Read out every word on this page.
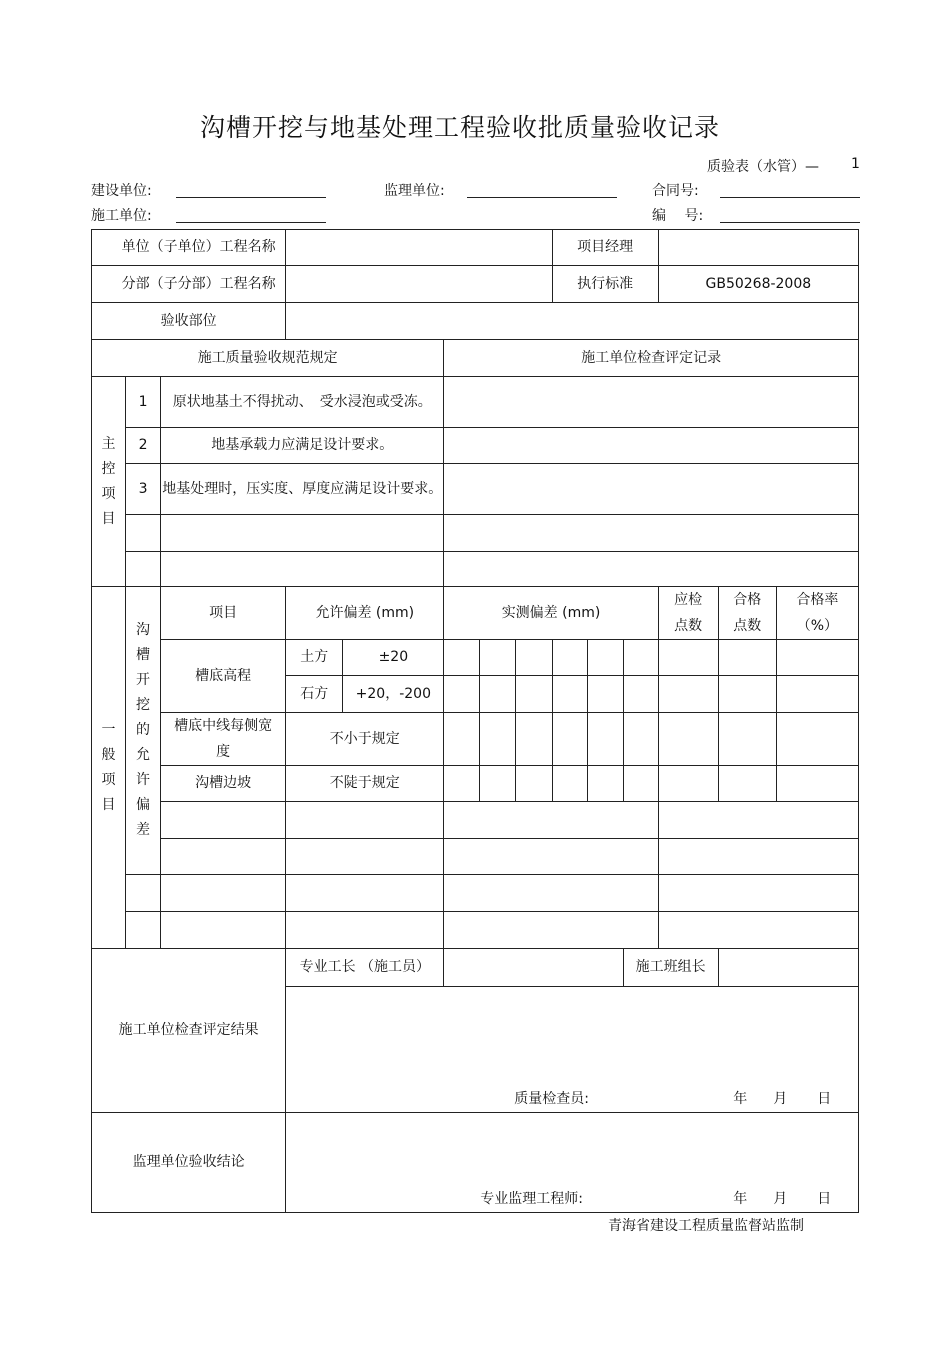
沟槽开挖与地基处理工程验收批质量验收记录
质验表（水管）— 1
建设单位:	监理单位:	合同号:
施工单位:	编　 号:
单位（子单位）工程名称								项目经理					
分部（子分部）工程名称								执行标准			GB50268-2008		
验收部位													
施工质量验收规范规定					施工单位检查评定记录								
主控项目	1	原状地基土不得扰动、　受水浸泡或受冻。											
	2	地基承载力应满足设计要求。											
	3	地基处理时，压实度、厚度应满足设计要求。											

一般项目	沟槽开挖的允许偏差	项目	允许偏差 (mm)		实测偏差 (mm)						应检点数	合格点数	合格率（%）
		槽底高程	土方	±20									
			石方	+20，-200									
		槽底中线每侧宽度	不小于规定										
		沟槽边坡	不陡于规定										

施工单位检查评定结果			专业工长 （施工员）							施工班组长			

			质量检查员: 年 月 日										

监理单位验收结论			专业监理工程师: 年 月 日										
青海省建设工程质量监督站监制
